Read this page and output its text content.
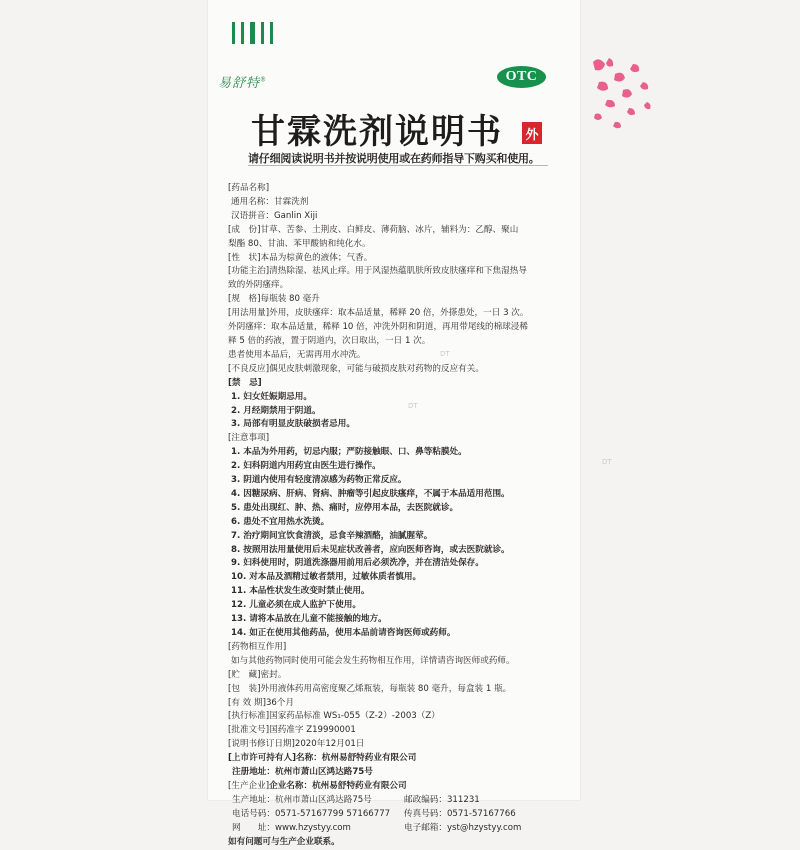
易舒特®	OTC
甘霖洗剂说明书 外
请仔细阅读说明书并按说明使用或在药师指导下购买和使用。
DT
DT
DT
[药品名称]
通用名称：甘霖洗剂
汉语拼音：Ganlin Xiji
[成　份]甘草、苦参、土荆皮、白鲜皮、薄荷脑、冰片，辅料为：乙醇、聚山
梨酯 80、甘油、苯甲酸钠和纯化水。
[性　状]本品为棕黄色的液体；气香。
[功能主治]清热除湿、祛风止痒。用于风湿热蕴肌肤所致皮肤瘙痒和下焦湿热导
致的外阴瘙痒。
[规　格]每瓶装 80 毫升
[用法用量]外用，皮肤瘙痒：取本品适量，稀释 20 倍，外搽患处，一日 3 次。
外阴瘙痒：取本品适量，稀释 10 倍，冲洗外阴和阴道，再用带尾线的棉球浸稀
释 5 倍的药液，置于阴道内，次日取出，一日 1 次。
患者使用本品后，无需再用水冲洗。
[不良反应]偶见皮肤刺激现象，可能与破损皮肤对药物的反应有关。
[禁　忌]
1. 妇女妊娠期忌用。
2. 月经期禁用于阴道。
3. 局部有明显皮肤破损者忌用。
[注意事项]
1. 本品为外用药，切忌内服；严防接触眼、口、鼻等粘膜处。
2. 妇科阴道内用药宜由医生进行操作。
3. 阴道内使用有轻度清凉感为药物正常反应。
4. 因糖尿病、肝病、肾病、肿瘤等引起皮肤瘙痒，不属于本品适用范围。
5. 患处出现红、肿、热、痛时，应停用本品，去医院就诊。
6. 患处不宜用热水洗烫。
7. 治疗期间宜饮食清淡，忌食辛辣酒酪，油腻腥荤。
8. 按照用法用量使用后未见症状改善者，应向医师咨询，或去医院就诊。
9. 妇科使用时，阴道洗涤器用前用后必须洗净，并在清洁处保存。
10. 对本品及酒精过敏者禁用，过敏体质者慎用。
11. 本品性状发生改变时禁止使用。
12. 儿童必须在成人监护下使用。
13. 请将本品放在儿童不能接触的地方。
14. 如正在使用其他药品，使用本品前请咨询医师或药师。
[药物相互作用]
如与其他药物同时使用可能会发生药物相互作用，详情请咨询医师或药师。
[贮　藏]密封。
[包　装]外用液体药用高密度聚乙烯瓶装，每瓶装 80 毫升，每盒装 1 瓶。
[有 效 期]36个月
[执行标准]国家药品标准 WS₁-055（Z-2）-2003（Z）
[批准文号]国药准字 Z19990001
[说明书修订日期]2020年12月01日
[上市许可持有人]名称：杭州易舒特药业有限公司
注册地址：杭州市萧山区鸿达路75号
[生产企业]企业名称：杭州易舒特药业有限公司
生产地址：杭州市萧山区鸿达路75号	邮政编码：311231
电话号码：0571-57167799 57166777	传真号码：0571-57167766
网　　址：www.hzystyy.com	电子邮箱：yst@hzystyy.com
如有问题可与生产企业联系。
